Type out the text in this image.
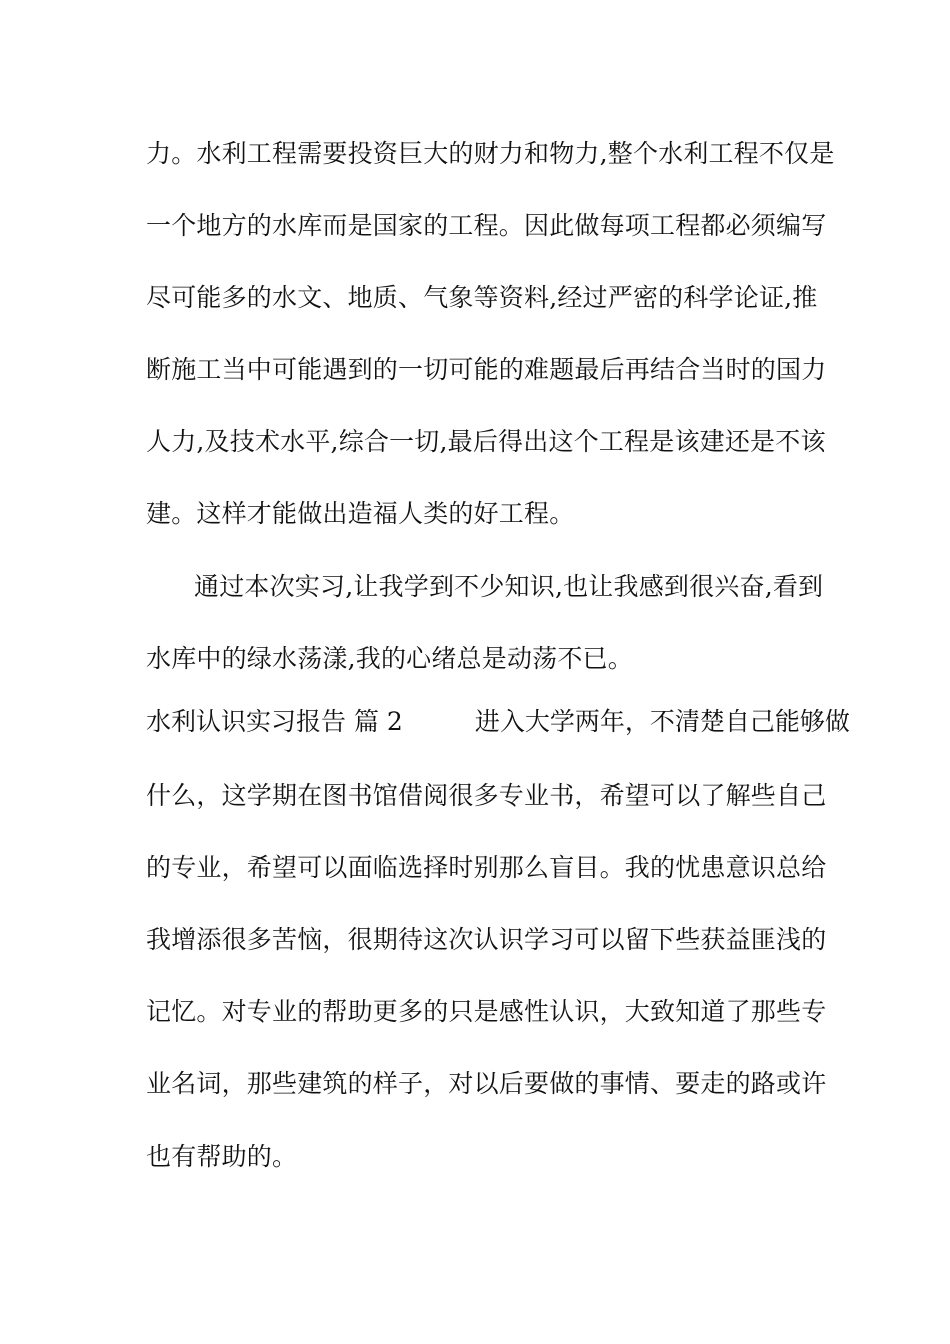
力。水利工程需要投资巨大的财力和物力,整个水利工程不仅是
一个地方的水库而是国家的工程。因此做每项工程都必须编写
尽可能多的水文、地质、气象等资料,经过严密的科学论证,推
断施工当中可能遇到的一切可能的难题最后再结合当时的国力
人力,及技术水平,综合一切,最后得出这个工程是该建还是不该
建。这样才能做出造福人类的好工程。
通过本次实习,让我学到不少知识,也让我感到很兴奋,看到
水库中的绿水荡漾,我的心绪总是动荡不已。
水利认识实习报告 篇 2	进入大学两年，不清楚自己能够做
什么，这学期在图书馆借阅很多专业书，希望可以了解些自己
的专业，希望可以面临选择时别那么盲目。我的忧患意识总给
我增添很多苦恼，很期待这次认识学习可以留下些获益匪浅的
记忆。对专业的帮助更多的只是感性认识，大致知道了那些专
业名词，那些建筑的样子，对以后要做的事情、要走的路或许
也有帮助的。
